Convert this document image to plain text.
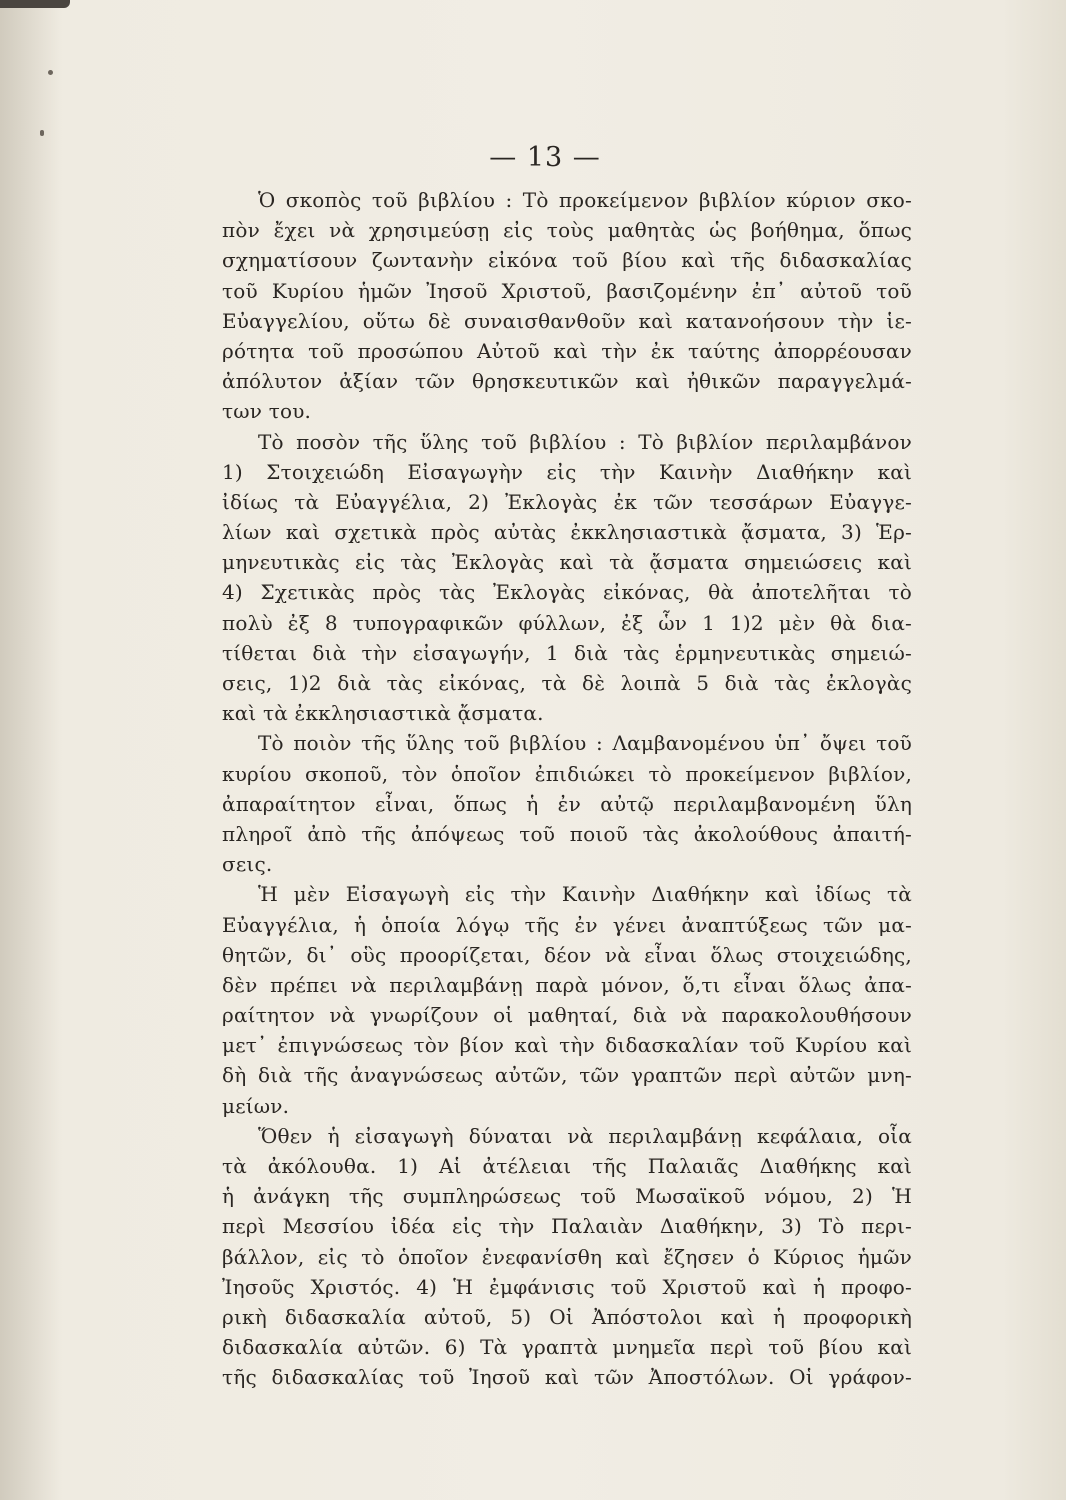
— 13 —
Ὁ σκοπὸς τοῦ βιβλίου : Τὸ προκείμενον βιβλίον κύριον σκο-
πὸν ἔχει νὰ χρησιμεύσῃ εἰς τοὺς μαθητὰς ὡς βοήθημα, ὅπως
σχηματίσουν ζωντανὴν εἰκόνα τοῦ βίου καὶ τῆς διδασκαλίας
τοῦ Κυρίου ἡμῶν Ἰησοῦ Χριστοῦ, βασιζομένην ἐπ᾽ αὐτοῦ τοῦ
Εὐαγγελίου, οὕτω δὲ συναισθανθοῦν καὶ κατανοήσουν τὴν ἱε-
ρότητα τοῦ προσώπου Αὐτοῦ καὶ τὴν ἐκ ταύτης ἀπορρέουσαν
ἀπόλυτον ἀξίαν τῶν θρησκευτικῶν καὶ ἠθικῶν παραγγελμά-
των του.
Τὸ ποσὸν τῆς ὕλης τοῦ βιβλίου : Τὸ βιβλίον περιλαμβάνον
1) Στοιχειώδη Εἰσαγωγὴν εἰς τὴν Καινὴν Διαθήκην καὶ
ἰδίως τὰ Εὐαγγέλια, 2) Ἐκλογὰς ἐκ τῶν τεσσάρων Εὐαγγε-
λίων καὶ σχετικὰ πρὸς αὐτὰς ἐκκλησιαστικὰ ᾄσματα, 3) Ἑρ-
μηνευτικὰς εἰς τὰς Ἐκλογὰς καὶ τὰ ᾄσματα σημειώσεις καὶ
4) Σχετικὰς πρὸς τὰς Ἐκλογὰς εἰκόνας, θὰ ἀποτελῆται τὸ
πολὺ ἐξ 8 τυπογραφικῶν φύλλων, ἐξ ὧν 1 1)2 μὲν θὰ δια-
τίθεται διὰ τὴν εἰσαγωγήν, 1 διὰ τὰς ἑρμηνευτικὰς σημειώ-
σεις, 1)2 διὰ τὰς εἰκόνας, τὰ δὲ λοιπὰ 5 διὰ τὰς ἐκλογὰς
καὶ τὰ ἐκκλησιαστικὰ ᾄσματα.
Τὸ ποιὸν τῆς ὕλης τοῦ βιβλίου : Λαμβανομένου ὑπ᾽ ὄψει τοῦ
κυρίου σκοποῦ, τὸν ὁποῖον ἐπιδιώκει τὸ προκείμενον βιβλίον,
ἀπαραίτητον εἶναι, ὅπως ἡ ἐν αὐτῷ περιλαμβανομένη ὕλη
πληροῖ ἀπὸ τῆς ἀπόψεως τοῦ ποιοῦ τὰς ἀκολούθους ἀπαιτή-
σεις.
Ἡ μὲν Εἰσαγωγὴ εἰς τὴν Καινὴν Διαθήκην καὶ ἰδίως τὰ
Εὐαγγέλια, ἡ ὁποία λόγῳ τῆς ἐν γένει ἀναπτύξεως τῶν μα-
θητῶν, δι᾽ οὓς προορίζεται, δέον νὰ εἶναι ὅλως στοιχειώδης,
δὲν πρέπει νὰ περιλαμβάνῃ παρὰ μόνον, ὅ,τι εἶναι ὅλως ἀπα-
ραίτητον νὰ γνωρίζουν οἱ μαθηταί, διὰ νὰ παρακολουθήσουν
μετ᾽ ἐπιγνώσεως τὸν βίον καὶ τὴν διδασκαλίαν τοῦ Κυρίου καὶ
δὴ διὰ τῆς ἀναγνώσεως αὐτῶν, τῶν γραπτῶν περὶ αὐτῶν μνη-
μείων.
Ὅθεν ἡ εἰσαγωγὴ δύναται νὰ περιλαμβάνῃ κεφάλαια, οἷα
τὰ ἀκόλουθα. 1) Αἱ ἀτέλειαι τῆς Παλαιᾶς Διαθήκης καὶ
ἡ ἀνάγκη τῆς συμπληρώσεως τοῦ Μωσαϊκοῦ νόμου, 2) Ἡ
περὶ Μεσσίου ἰδέα εἰς τὴν Παλαιὰν Διαθήκην, 3) Τὸ περι-
βάλλον, εἰς τὸ ὁποῖον ἐνεφανίσθη καὶ ἔζησεν ὁ Κύριος ἡμῶν
Ἰησοῦς Χριστός. 4) Ἡ ἐμφάνισις τοῦ Χριστοῦ καὶ ἡ προφο-
ρικὴ διδασκαλία αὐτοῦ, 5) Οἱ Ἀπόστολοι καὶ ἡ προφορικὴ
διδασκαλία αὐτῶν. 6) Τὰ γραπτὰ μνημεῖα περὶ τοῦ βίου καὶ
τῆς διδασκαλίας τοῦ Ἰησοῦ καὶ τῶν Ἀποστόλων. Οἱ γράφον-
